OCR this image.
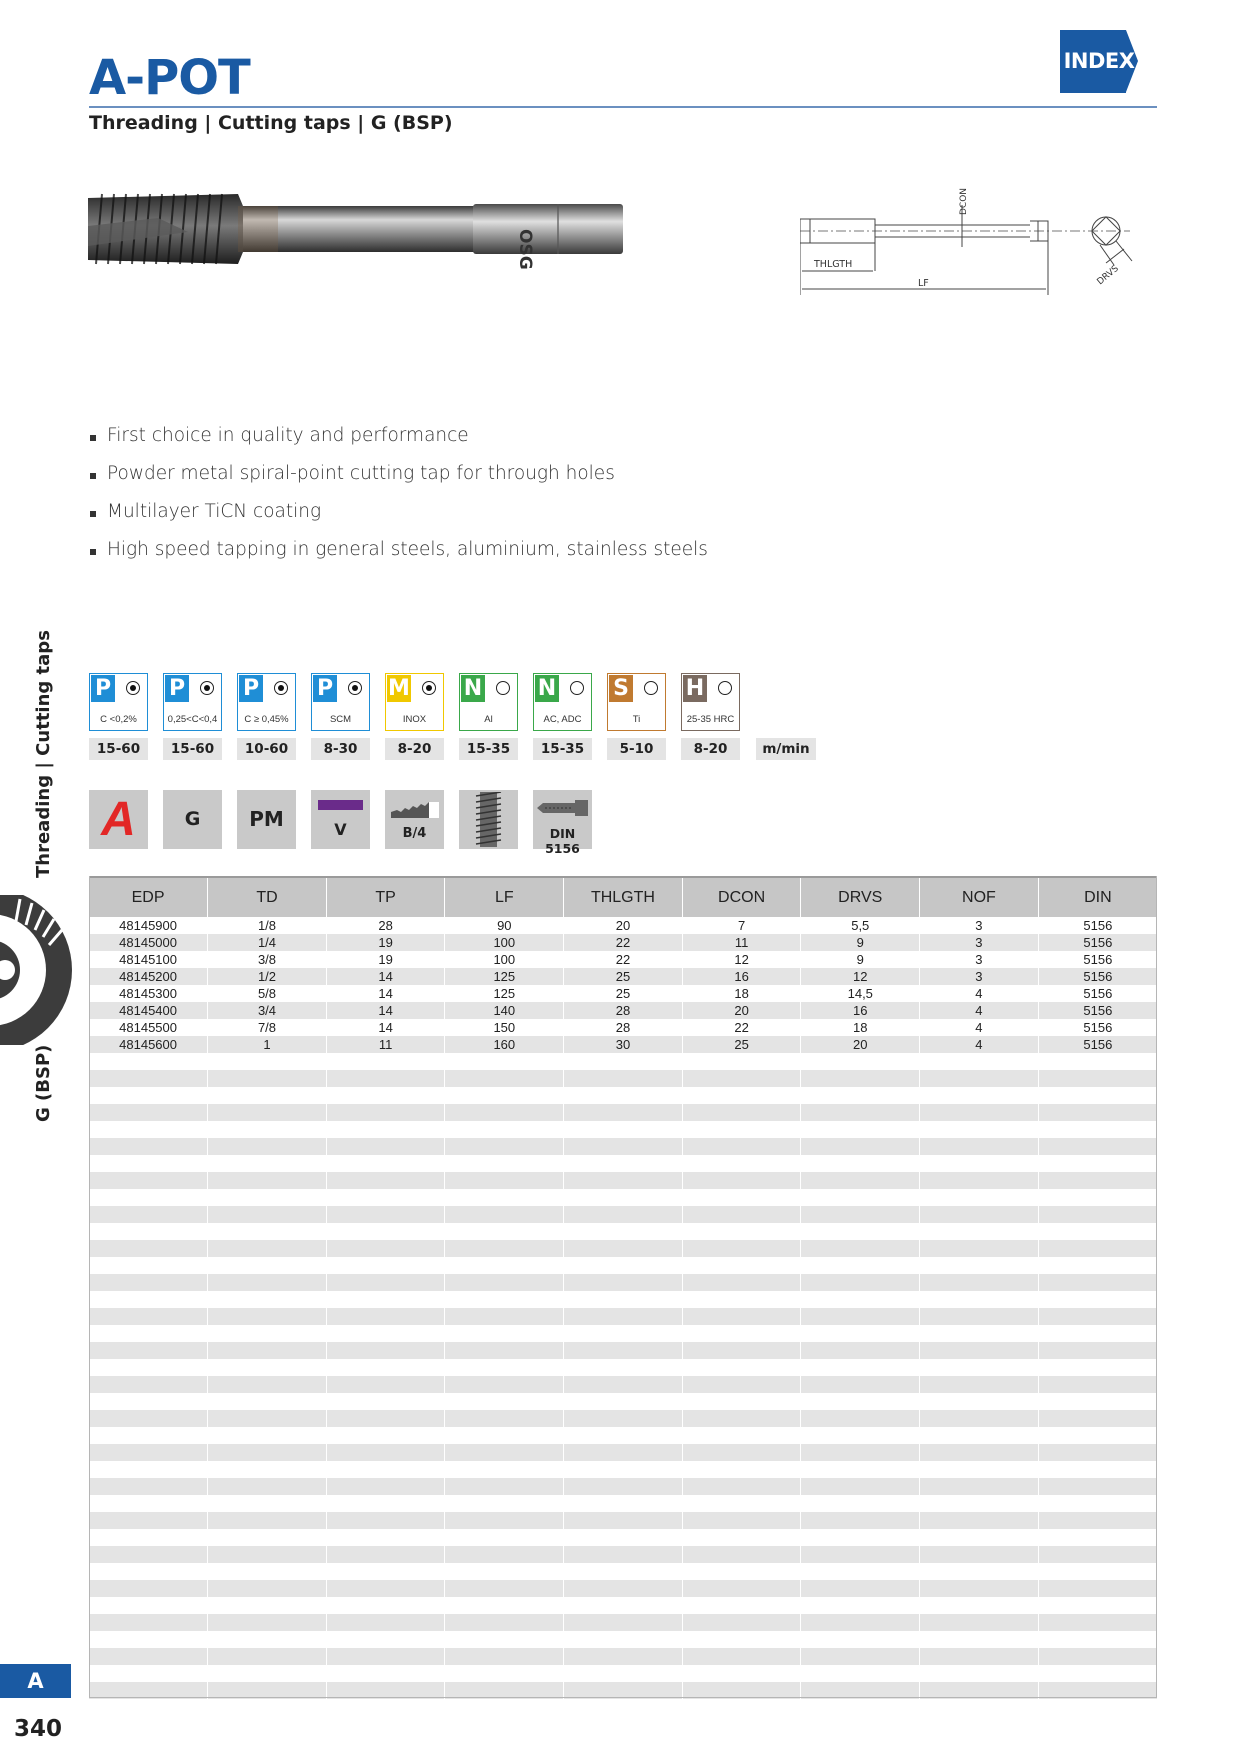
A-POT
Threading | Cutting taps | G (BSP)
INDEX
OSG
DCON
THLGTH
LF	DRVS
First choice in quality and performance
Powder metal spiral-point cutting tap for through holes
Multilayer TiCN coating
High speed tapping in general steels, aluminium, stainless steels
Threading | Cutting taps
G (BSP)
P
C <0,2%
P
0,25<C<0,4
P
C ≥ 0,45%
P
SCM
M
INOX
N
Al
N
AC, ADC
S
Ti
H
25-35 HRC
15-60	15-60	10-60	8-30	8-20	15-35	15-35	5-10	8-20	m/min
A	G	PM	V	B/4	DIN 5156
EDP	TD	TP	LF	THLGTH	DCON	DRVS	NOF	DIN
48145900	1/8	28	90	20	7	5,5	3	5156
48145000	1/4	19	100	22	11	9	3	5156
48145100	3/8	19	100	22	12	9	3	5156
48145200	1/2	14	125	25	16	12	3	5156
48145300	5/8	14	125	25	18	14,5	4	5156
48145400	3/4	14	140	28	20	16	4	5156
48145500	7/8	14	150	28	22	18	4	5156
48145600	1	11	160	30	25	20	4	5156

A
340
